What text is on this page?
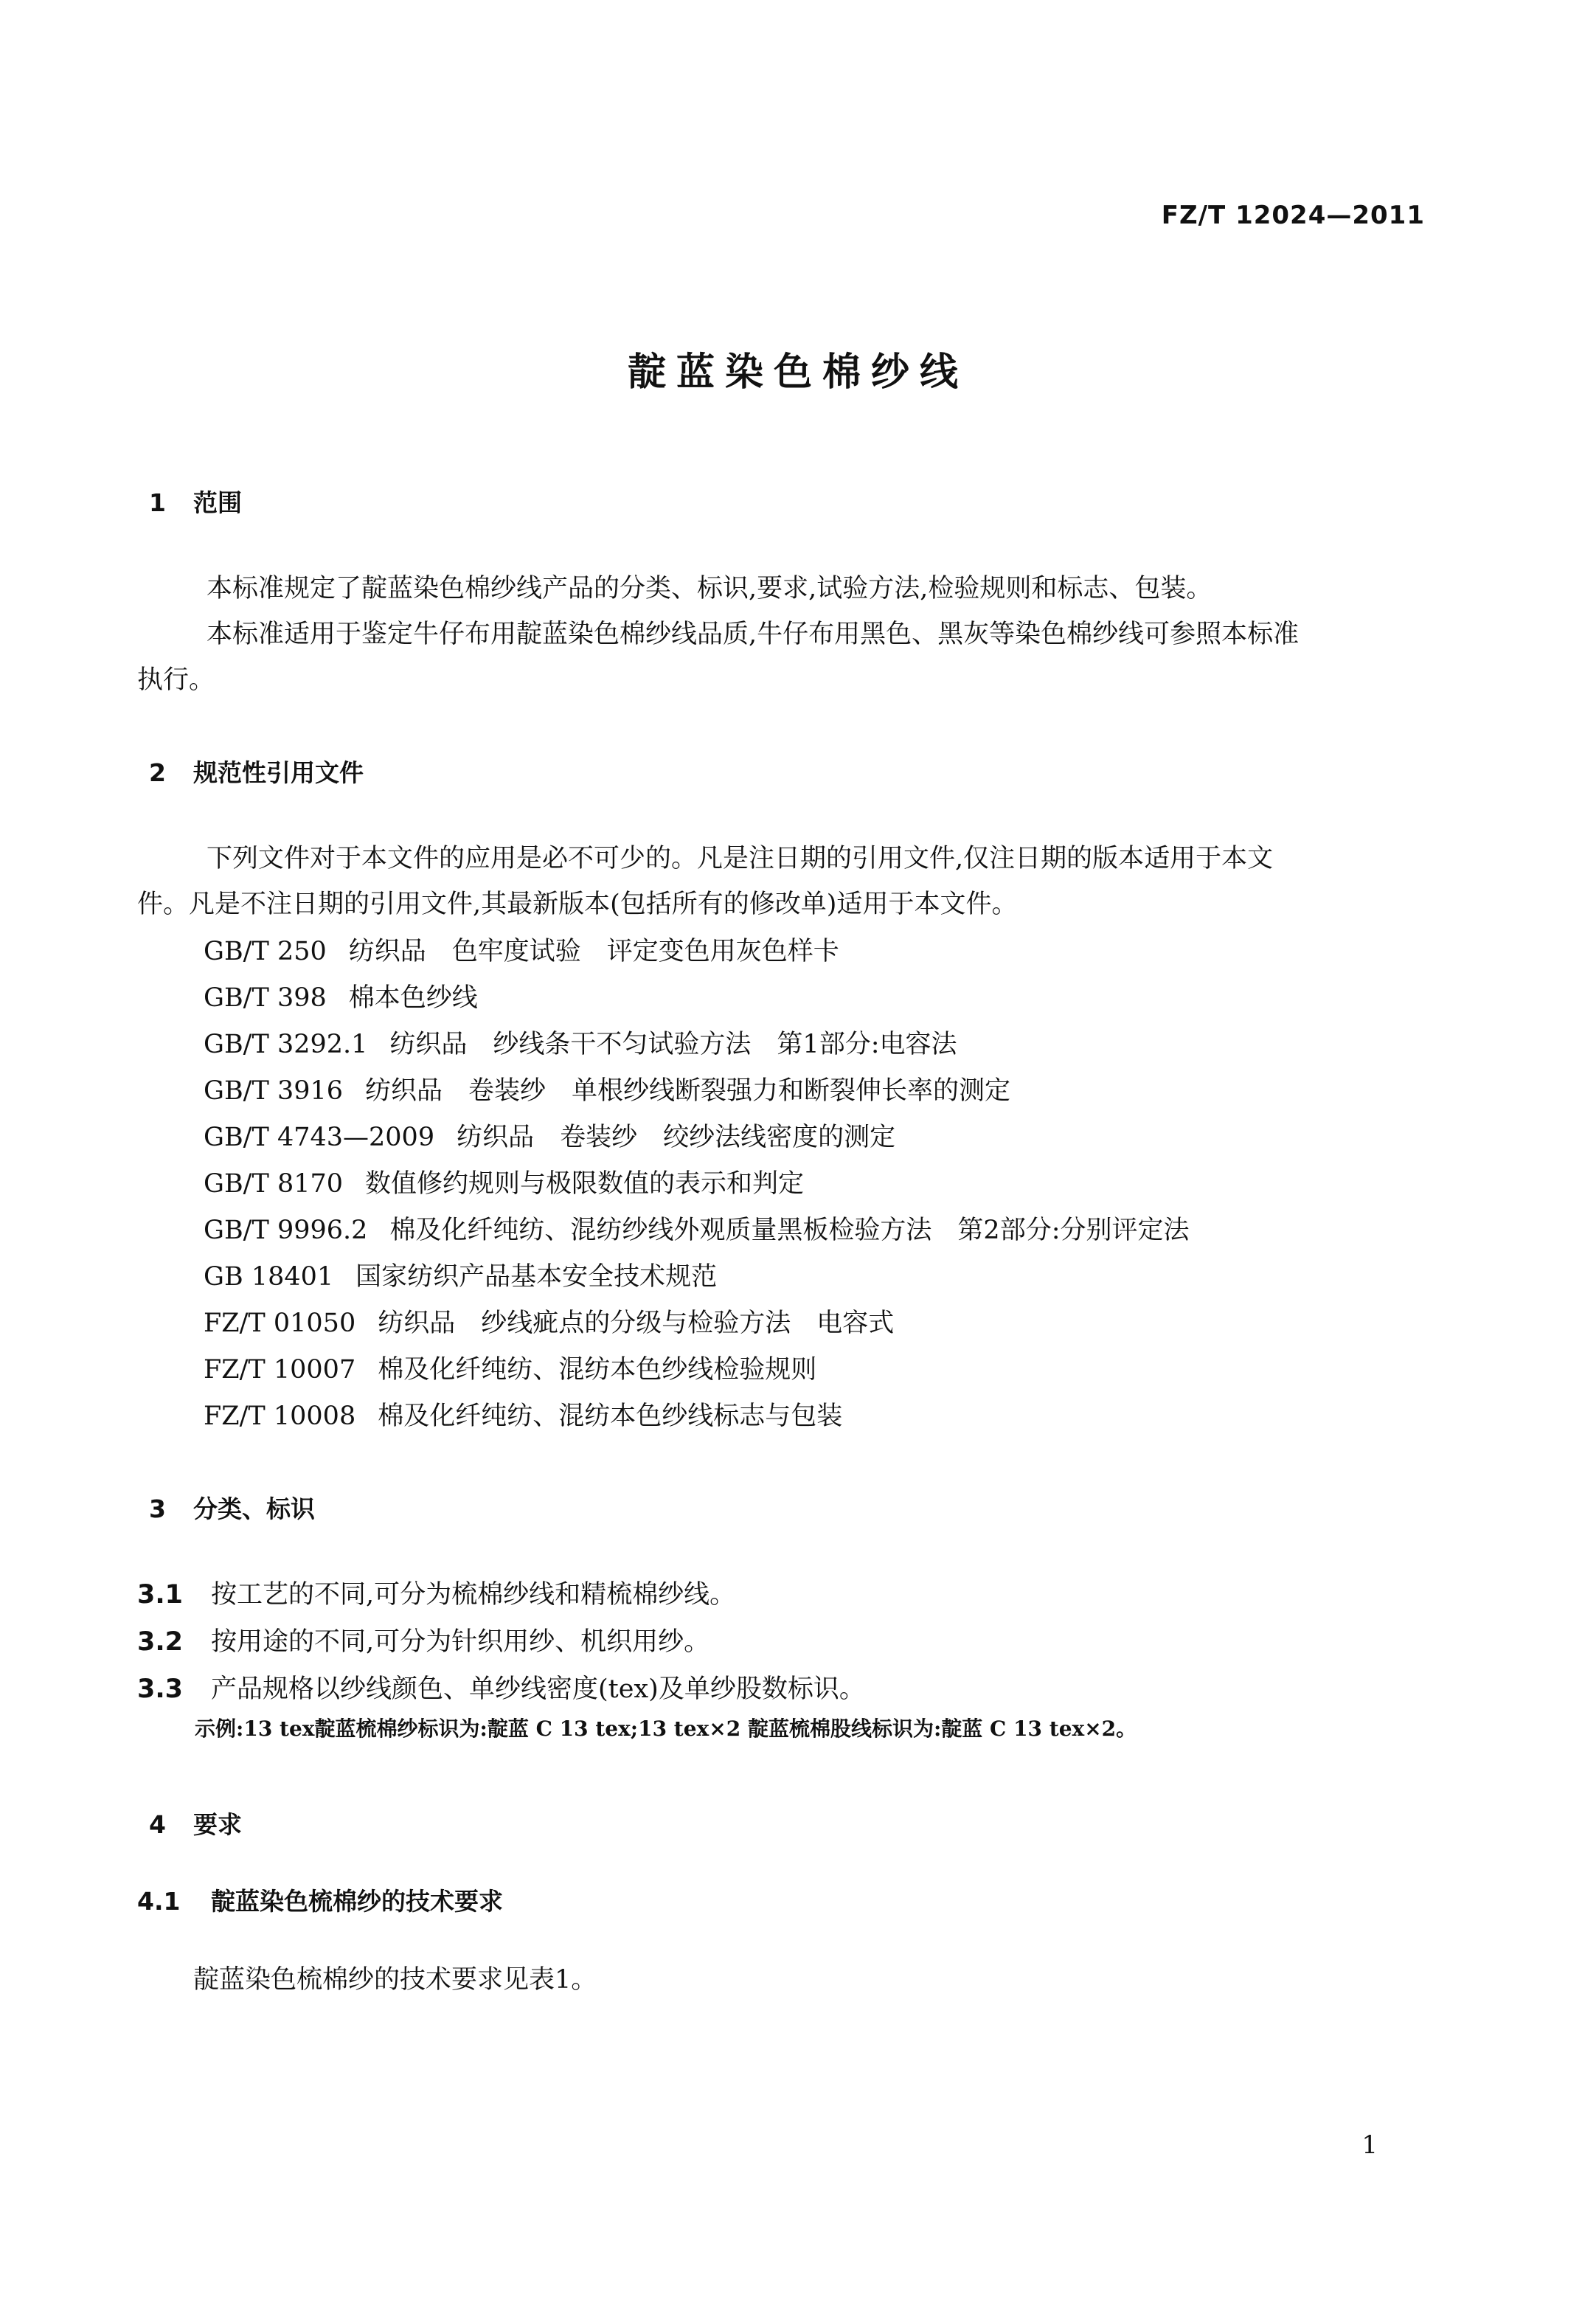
FZ/T 12024—2011
靛蓝染色棉纱线
1 范围
本标准规定了靛蓝染色棉纱线产品的分类、标识,要求,试验方法,检验规则和标志、包装。
本标准适用于鉴定牛仔布用靛蓝染色棉纱线品质,牛仔布用黑色、黑灰等染色棉纱线可参照本标准
执行。
2 规范性引用文件
下列文件对于本文件的应用是必不可少的。凡是注日期的引用文件,仅注日期的版本适用于本文
件。凡是不注日期的引用文件,其最新版本(包括所有的修改单)适用于本文件。
GB/T 250 纺织品　色牢度试验　评定变色用灰色样卡
GB/T 398 棉本色纱线
GB/T 3292.1 纺织品　纱线条干不匀试验方法　第1部分:电容法
GB/T 3916 纺织品　卷装纱　单根纱线断裂强力和断裂伸长率的测定
GB/T 4743—2009 纺织品　卷装纱　绞纱法线密度的测定
GB/T 8170 数值修约规则与极限数值的表示和判定
GB/T 9996.2 棉及化纤纯纺、混纺纱线外观质量黑板检验方法　第2部分:分别评定法
GB 18401 国家纺织产品基本安全技术规范
FZ/T 01050 纺织品　纱线疵点的分级与检验方法　电容式
FZ/T 10007 棉及化纤纯纺、混纺本色纱线检验规则
FZ/T 10008 棉及化纤纯纺、混纺本色纱线标志与包装
3 分类、标识
3.1 按工艺的不同,可分为梳棉纱线和精梳棉纱线。
3.2 按用途的不同,可分为针织用纱、机织用纱。
3.3 产品规格以纱线颜色、单纱线密度(tex)及单纱股数标识。
示例:13 tex靛蓝梳棉纱标识为:靛蓝 C 13 tex;13 tex×2 靛蓝梳棉股线标识为:靛蓝 C 13 tex×2。
4 要求
4.1 靛蓝染色梳棉纱的技术要求
靛蓝染色梳棉纱的技术要求见表1。
1
